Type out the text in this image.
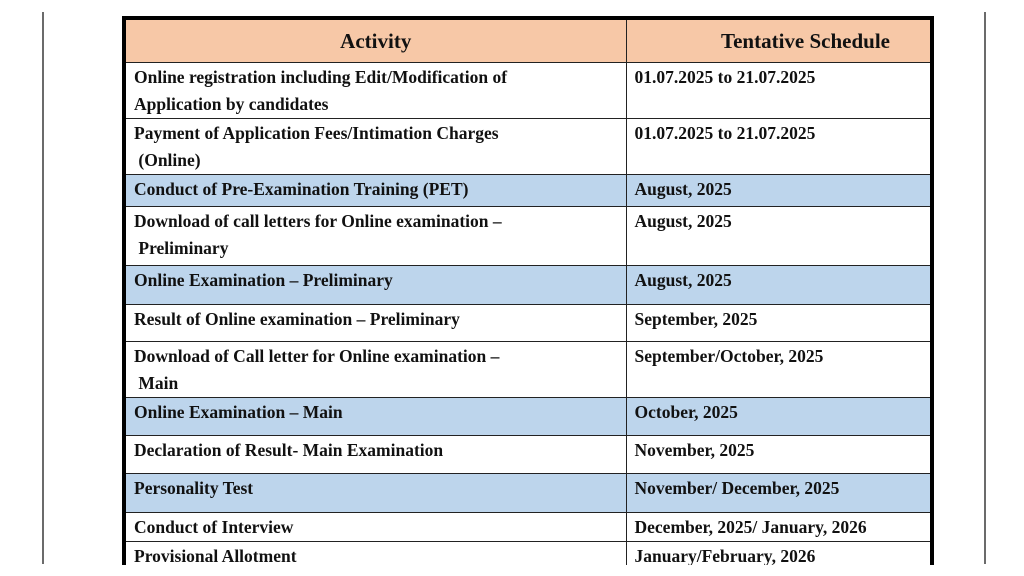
Activity	Tentative Schedule

Online registration including Edit/Modification of
Application by candidates	01.07.2025 to 21.07.2025

Payment of Application Fees/Intimation Charges
(Online)	01.07.2025 to 21.07.2025

Conduct of Pre-Examination Training (PET)	August, 2025

Download of call letters for Online examination –
Preliminary	August, 2025

Online Examination – Preliminary	August, 2025

Result of Online examination – Preliminary	September, 2025

Download of Call letter for Online examination –
Main	September/October, 2025

Online Examination – Main	October, 2025

Declaration of Result- Main Examination	November, 2025

Personality Test	November/ December, 2025

Conduct of Interview	December, 2025/ January, 2026

Provisional Allotment	January/February, 2026
